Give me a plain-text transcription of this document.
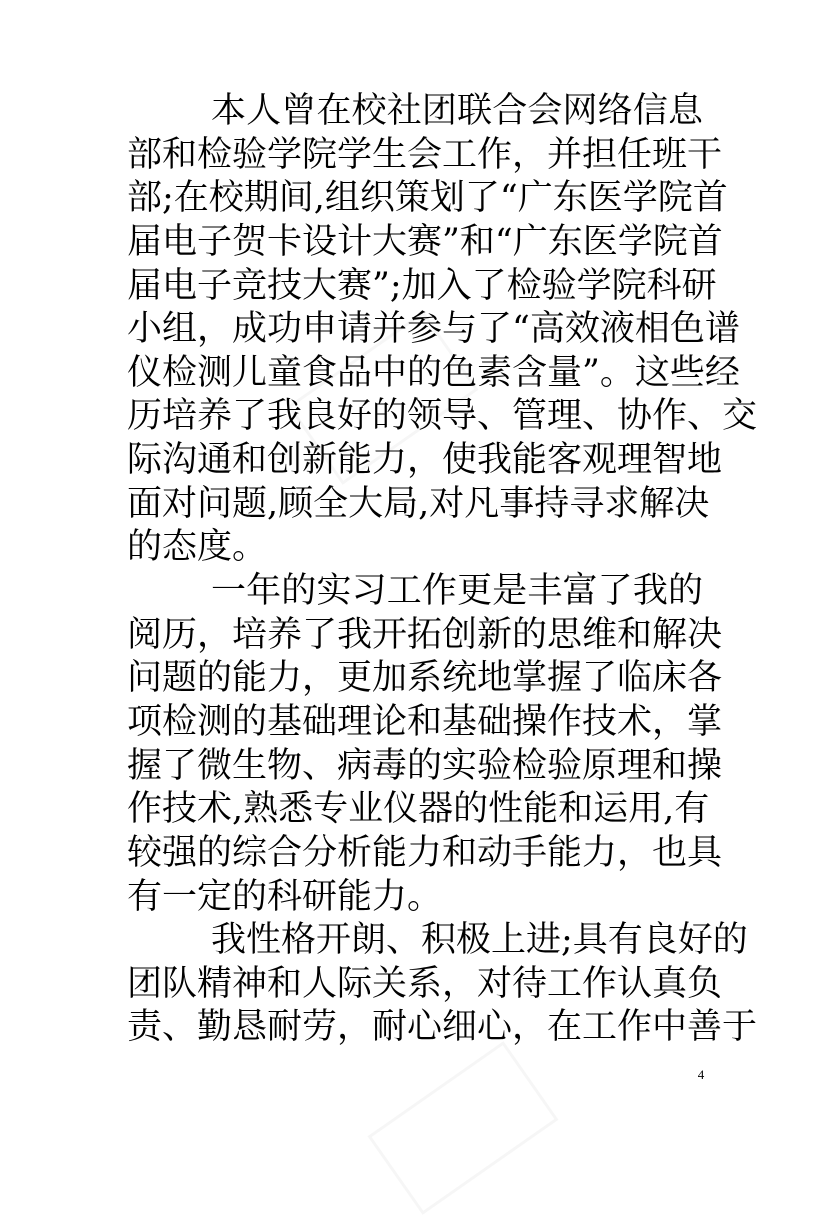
本人曾在校社团联合会网络信息
部和检验学院学生会工作，并担任班干
部;在校期间,组织策划了“广东医学院首
届电子贺卡设计大赛”和“广东医学院首
届电子竞技大赛”;加入了检验学院科研
小组，成功申请并参与了“高效液相色谱
仪检测儿童食品中的色素含量”。这些经
历培养了我良好的领导、管理、协作、交
际沟通和创新能力，使我能客观理智地
面对问题,顾全大局,对凡事持寻求解决
的态度。
一年的实习工作更是丰富了我的
阅历，培养了我开拓创新的思维和解决
问题的能力，更加系统地掌握了临床各
项检测的基础理论和基础操作技术，掌
握了微生物、病毒的实验检验原理和操
作技术,熟悉专业仪器的性能和运用,有
较强的综合分析能力和动手能力，也具
有一定的科研能力。
我性格开朗、积极上进;具有良好的
团队精神和人际关系，对待工作认真负
责、勤恳耐劳，耐心细心，在工作中善于
4
